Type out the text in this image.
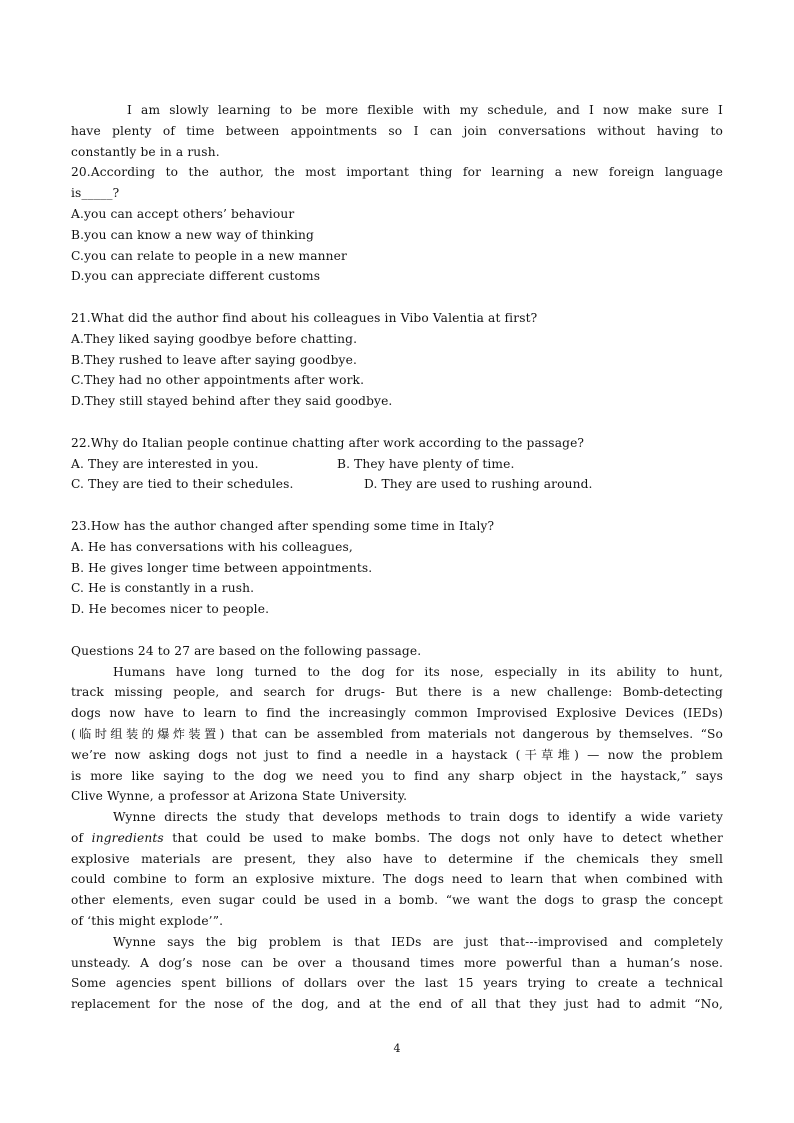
I am slowly learning to be more flexible with my schedule, and I now make sure I
have plenty of time between appointments so I can join conversations without having to
constantly be in a rush.
20.According to the author, the most important thing for learning a new foreign language
is_____?
A.you can accept others’ behaviour
B.you can know a new way of thinking
C.you can relate to people in a new manner
D.you can appreciate different customs
21.What did the author find about his colleagues in Vibo Valentia at first?
A.They liked saying goodbye before chatting.
B.They rushed to leave after saying goodbye.
C.They had no other appointments after work.
D.They still stayed behind after they said goodbye.
22.Why do Italian people continue chatting after work according to the passage?
A. They are interested in you.	B. They have plenty of time.
C. They are tied to their schedules.	D. They are used to rushing around.
23.How has the author changed after spending some time in Italy?
A. He has conversations with his colleagues,
B. He gives longer time between appointments.
C. He is constantly in a rush.
D. He becomes nicer to people.
Questions 24 to 27 are based on the following passage.
Humans have long turned to the dog for its nose, especially in its ability to hunt,
track missing people, and search for drugs- But there is a new challenge: Bomb-detecting
dogs now have to learn to find the increasingly common Improvised Explosive Devices (IEDs)
(临时组装的爆炸装置) that can be assembled from materials not dangerous by themselves. “So
we’re now asking dogs not just to find a needle in a haystack (干草堆) — now the problem
is more like saying to the dog we need you to find any sharp object in the haystack,” says
Clive Wynne, a professor at Arizona State University.
Wynne directs the study that develops methods to train dogs to identify a wide variety
of ingredients that could be used to make bombs. The dogs not only have to detect whether
explosive materials are present, they also have to determine if the chemicals they smell
could combine to form an explosive mixture. The dogs need to learn that when combined with
other elements, even sugar could be used in a bomb. “we want the dogs to grasp the concept
of ‘this might explode’”.
Wynne says the big problem is that IEDs are just that---improvised and completely
unsteady. A dog’s nose can be over a thousand times more powerful than a human’s nose.
Some agencies spent billions of dollars over the last 15 years trying to create a technical
replacement for the nose of the dog, and at the end of all that they just had to admit “No,
4
